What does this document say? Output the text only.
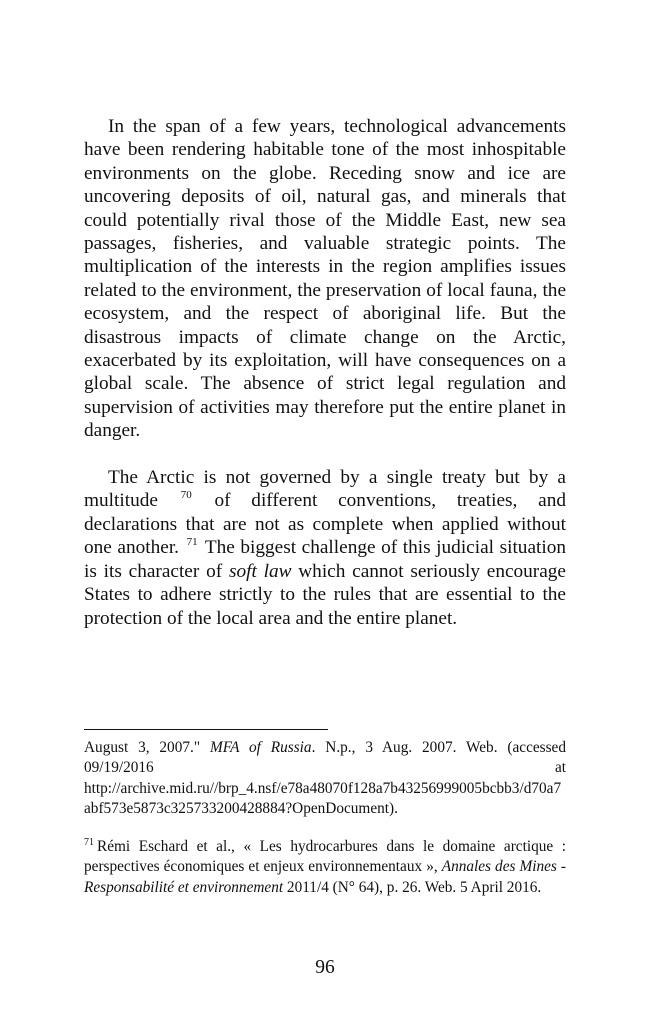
In the span of a few years, technological advancements have been rendering habitable tone of the most inhospitable environments on the globe. Receding snow and ice are uncovering deposits of oil, natural gas, and minerals that could potentially rival those of the Middle East, new sea passages, fisheries, and valuable strategic points. The multiplication of the interests in the region amplifies issues related to the environment, the preservation of local fauna, the ecosystem, and the respect of aboriginal life. But the disastrous impacts of climate change on the Arctic, exacerbated by its exploitation, will have consequences on a global scale. The absence of strict legal regulation and supervision of activities may therefore put the entire planet in danger.

The Arctic is not governed by a single treaty but by a multitude $^{70}$ of different conventions, treaties, and declarations that are not as complete when applied without one another. $^{71}$ The biggest challenge of this judicial situation is its character of soft law which cannot seriously encourage States to adhere strictly to the rules that are essential to the protection of the local area and the entire planet.

August 3, 2007." MFA of Russia. N.p., 3 Aug. 2007. Web. (accessed 09/19/2016 at
http://archive.mid.ru//brp_4.nsf/e78a48070f128a7b43256999005bcbb3/d70a7abf573e5873c325733200428884?OpenDocument).

$^{71}$ Rémi Eschard et al., « Les hydrocarbures dans le domaine arctique : perspectives économiques et enjeux environnementaux », Annales des Mines - Responsabilité et environnement 2011/4 (N° 64), p. 26. Web. 5 April 2016.

96
